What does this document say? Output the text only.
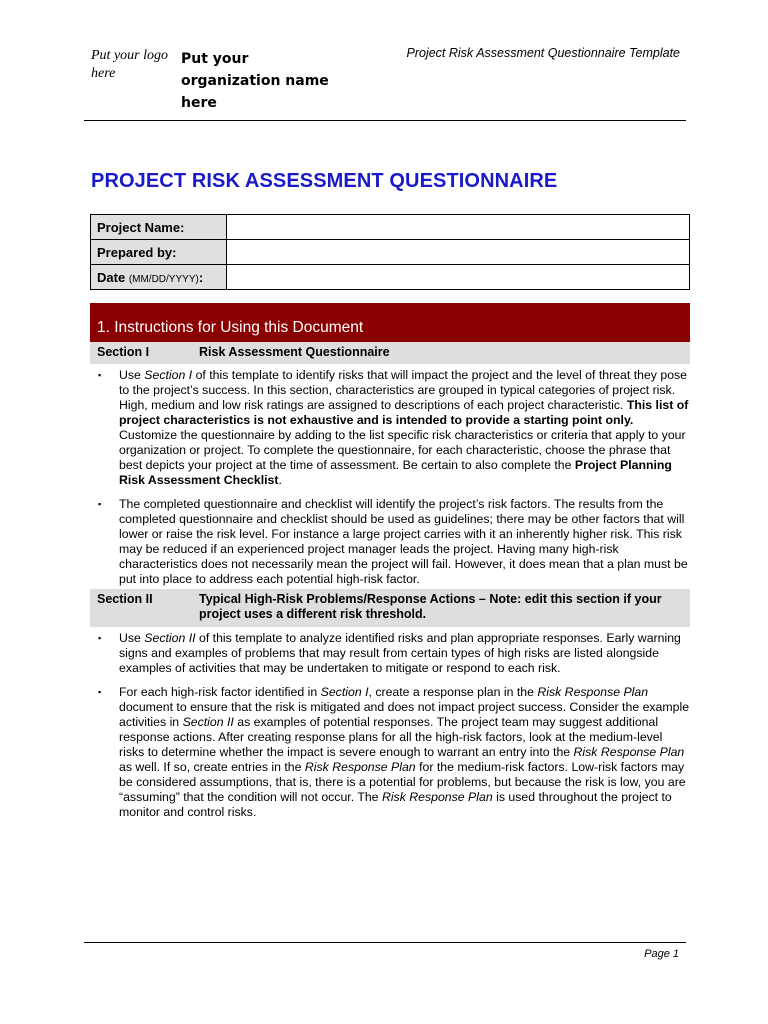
Put your logo here
Put your organization name here
Project Risk Assessment Questionnaire Template
PROJECT RISK ASSESSMENT QUESTIONNAIRE
Project Name:	
Prepared by:	
Date (MM/DD/YYYY):	
1. Instructions for Using this Document
Section I	Risk Assessment Questionnaire
▪ Use Section I of this template to identify risks that will impact the project and the level of threat they pose to the project’s success. In this section, characteristics are grouped in typical categories of project risk. High, medium and low risk ratings are assigned to descriptions of each project characteristic. This list of project characteristics is not exhaustive and is intended to provide a starting point only. Customize the questionnaire by adding to the list specific risk characteristics or criteria that apply to your organization or project. To complete the questionnaire, for each characteristic, choose the phrase that best depicts your project at the time of assessment. Be certain to also complete the Project Planning Risk Assessment Checklist.
▪ The completed questionnaire and checklist will identify the project’s risk factors. The results from the completed questionnaire and checklist should be used as guidelines; there may be other factors that will lower or raise the risk level. For instance a large project carries with it an inherently higher risk. This risk may be reduced if an experienced project manager leads the project. Having many high-risk characteristics does not necessarily mean the project will fail. However, it does mean that a plan must be put into place to address each potential high-risk factor.
Section II	Typical High-Risk Problems/Response Actions – Note: edit this section if your project uses a different risk threshold.
▪ Use Section II of this template to analyze identified risks and plan appropriate responses. Early warning signs and examples of problems that may result from certain types of high risks are listed alongside examples of activities that may be undertaken to mitigate or respond to each risk.
▪ For each high-risk factor identified in Section I, create a response plan in the Risk Response Plan document to ensure that the risk is mitigated and does not impact project success. Consider the example activities in Section II as examples of potential responses. The project team may suggest additional response actions. After creating response plans for all the high-risk factors, look at the medium-level risks to determine whether the impact is severe enough to warrant an entry into the Risk Response Plan as well. If so, create entries in the Risk Response Plan for the medium-risk factors. Low-risk factors may be considered assumptions, that is, there is a potential for problems, but because the risk is low, you are “assuming” that the condition will not occur. The Risk Response Plan is used throughout the project to monitor and control risks.
Page 1
